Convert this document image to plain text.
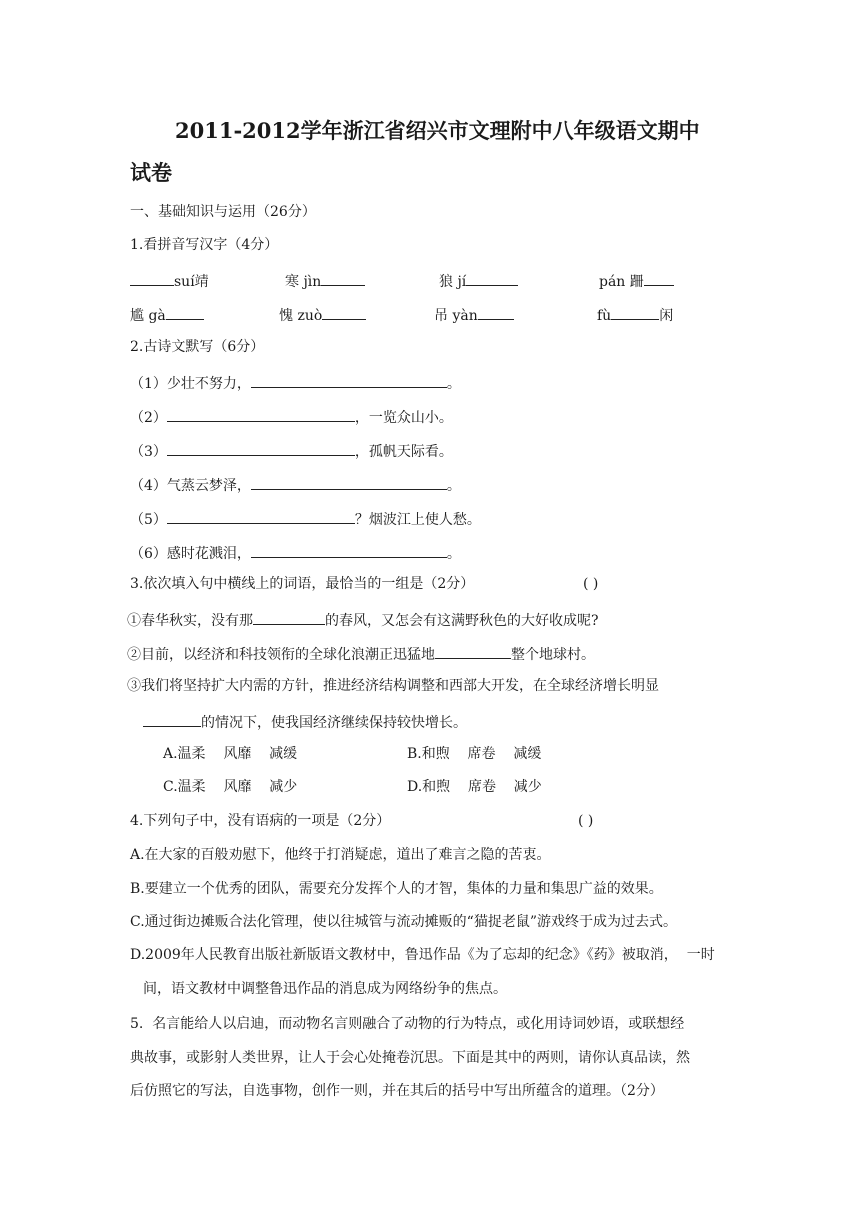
2011-2012学年浙江省绍兴市文理附中八年级语文期中
试卷
一、基础知识与运用（26分）
1.看拼音写汉字（4分）
suí靖	寒 jìn	狼 jí	pán 跚
尴 gà	愧 zuò	吊 yàn	fù	闲
2.古诗文默写（6分）
（1）少壮不努力，	。
（2）	，一览众山小。
（3）	，孤帆天际看。
（4）气蒸云梦泽，	。
（5）	？烟波江上使人愁。
（6）感时花溅泪，	。
3.依次填入句中横线上的词语，最恰当的一组是（2分）	( )
①春华秋实，没有那	的春风，又怎会有这满野秋色的大好收成呢?
②目前，以经济和科技领衔的全球化浪潮正迅猛地	整个地球村。
③我们将坚持扩大内需的方针，推进经济结构调整和西部大开发，在全球经济增长明显
的情况下，使我国经济继续保持较快增长。
A.温柔    风靡    减缓	B.和煦    席卷    减缓
C.温柔    风靡    减少	D.和煦    席卷    减少
4.下列句子中，没有语病的一项是（2分）	( )
A.在大家的百般劝慰下，他终于打消疑虑，道出了难言之隐的苦衷。
B.要建立一个优秀的团队，需要充分发挥个人的才智，集体的力量和集思广益的效果。
C.通过街边摊贩合法化管理，使以往城管与流动摊贩的“猫捉老鼠”游戏终于成为过去式。
D.2009年人民教育出版社新版语文教材中，鲁迅作品《为了忘却的纪念》《药》被取消，  一时
间，语文教材中调整鲁迅作品的消息成为网络纷争的焦点。
5.  名言能给人以启迪，而动物名言则融合了动物的行为特点，或化用诗词妙语，或联想经
典故事，或影射人类世界，让人于会心处掩卷沉思。下面是其中的两则，请你认真品读，然
后仿照它的写法，自选事物，创作一则，并在其后的括号中写出所蕴含的道理。（2分）
